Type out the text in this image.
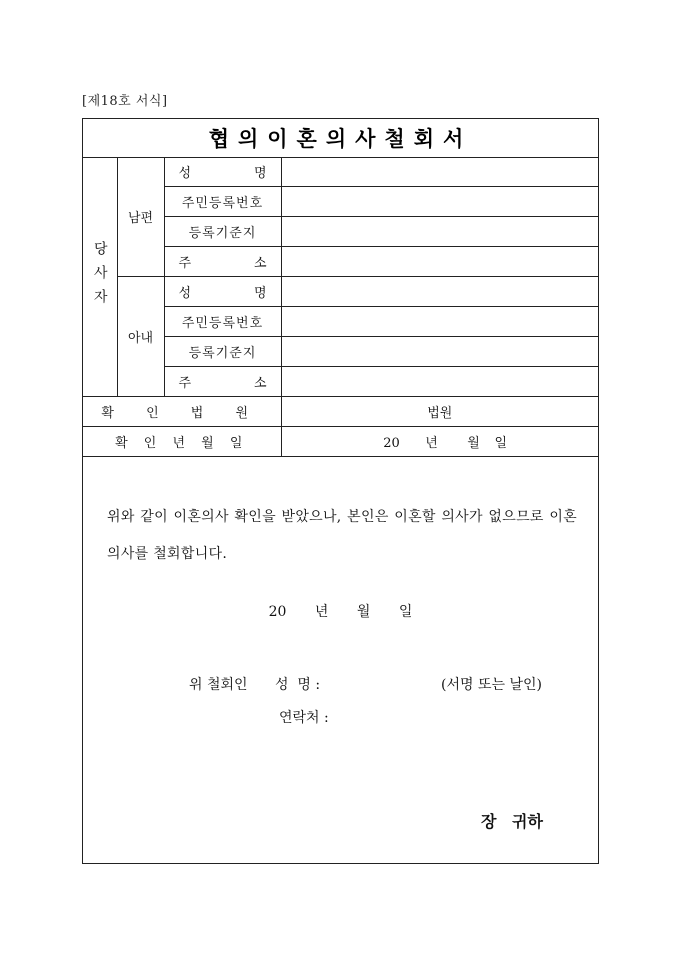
[제18호 서식]
협의이혼의사철회서
당사자	남편	성 명	

		주민등록번호	
		등록기준지	

		주 소	

	아내	성 명	

		주민등록번호	
		등록기준지	

		주 소	

확 인 법 원			법원
확 인 년 월 일			20 년 월 일
위와 같이 이혼의사 확인을 받았으나, 본인은 이혼할 의사가 없으므로 이혼의사를 철회합니다.
20 년 월 일
위 철회인 성  명 :	(서명 또는 날인)
연락처 :
장 귀하
